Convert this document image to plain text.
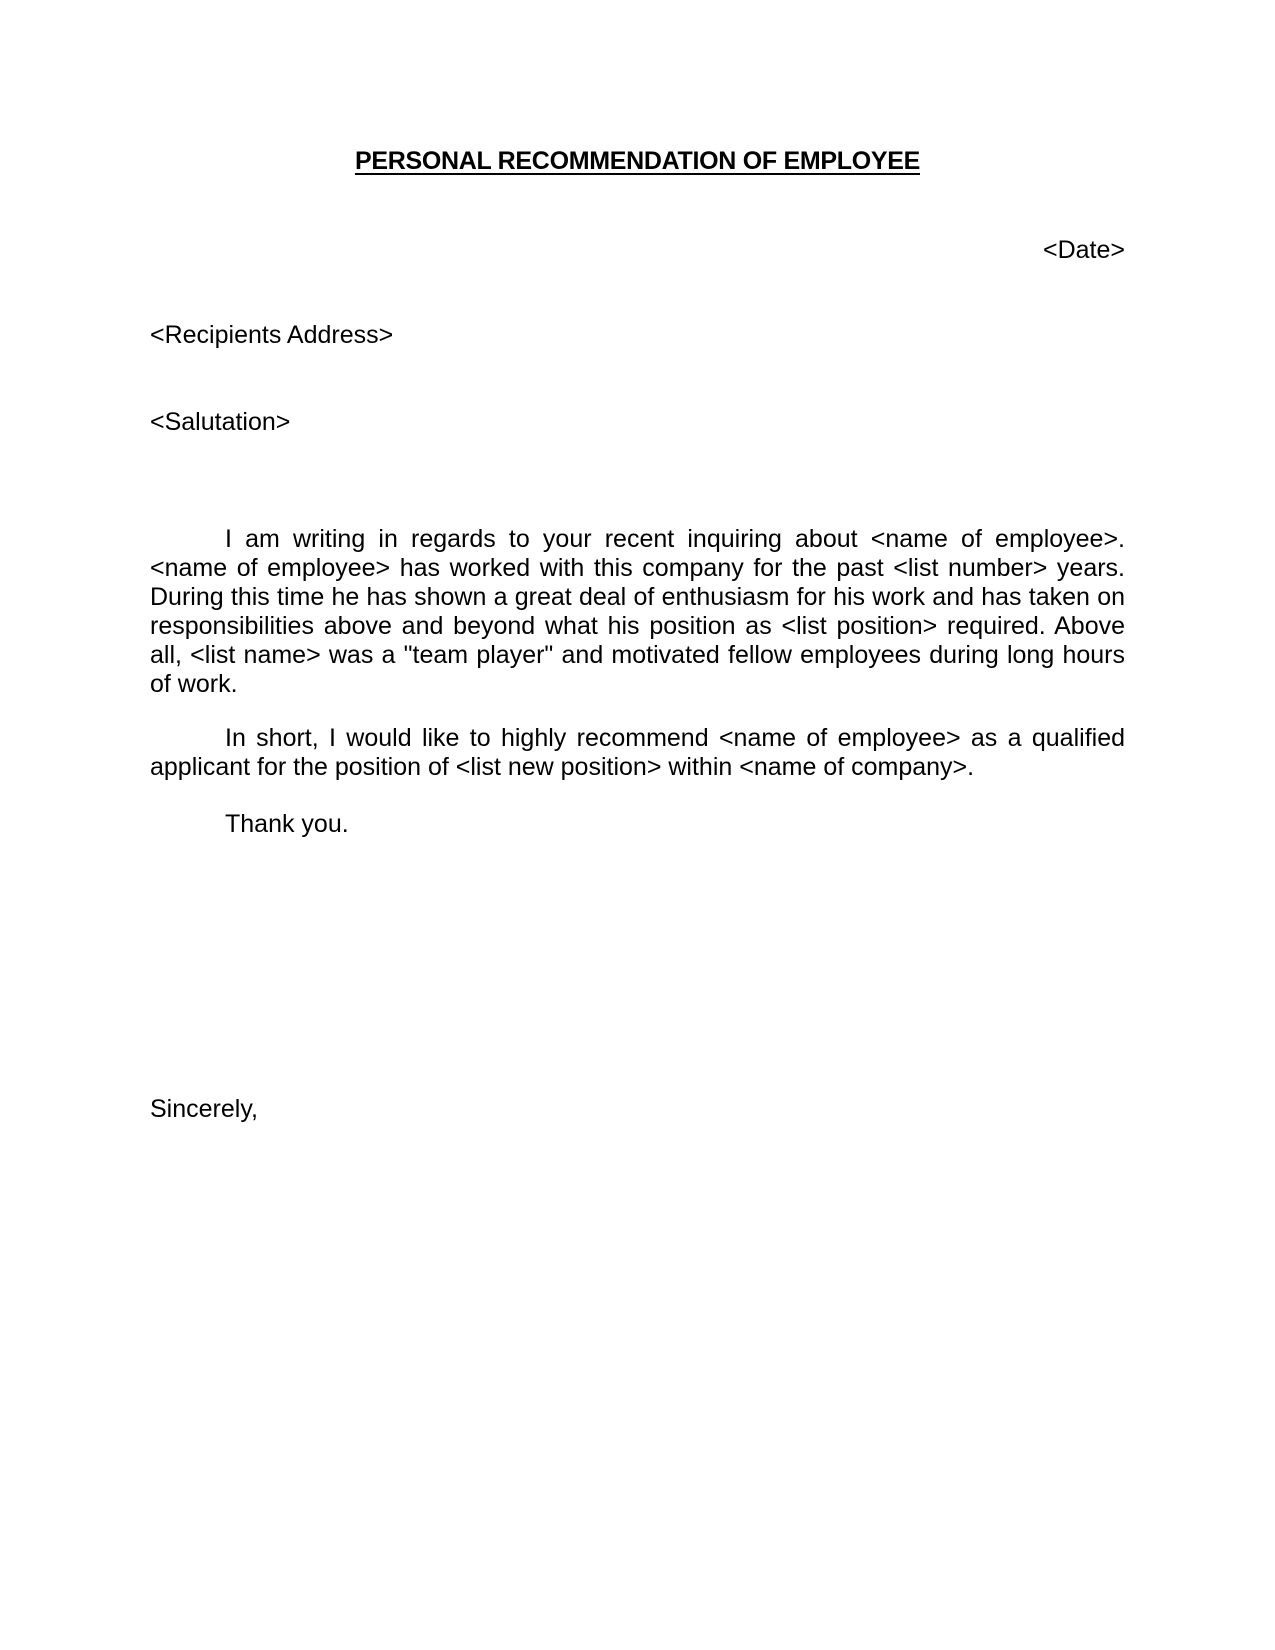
PERSONAL RECOMMENDATION OF EMPLOYEE
<Date>
<Recipients Address>
<Salutation>

I am writing in regards to your recent inquiring about <name of employee>. <name of employee> has worked with this company for the past <list number> years. During this time he has shown a great deal of enthusiasm for his work and has taken on responsibilities above and beyond what his position as <list position> required. Above all, <list name> was a "team player" and motivated fellow employees during long hours of work.

In short, I would like to highly recommend <name of employee> as a qualified applicant for the position of <list new position> within <name of company>.

Thank you.
Sincerely,
